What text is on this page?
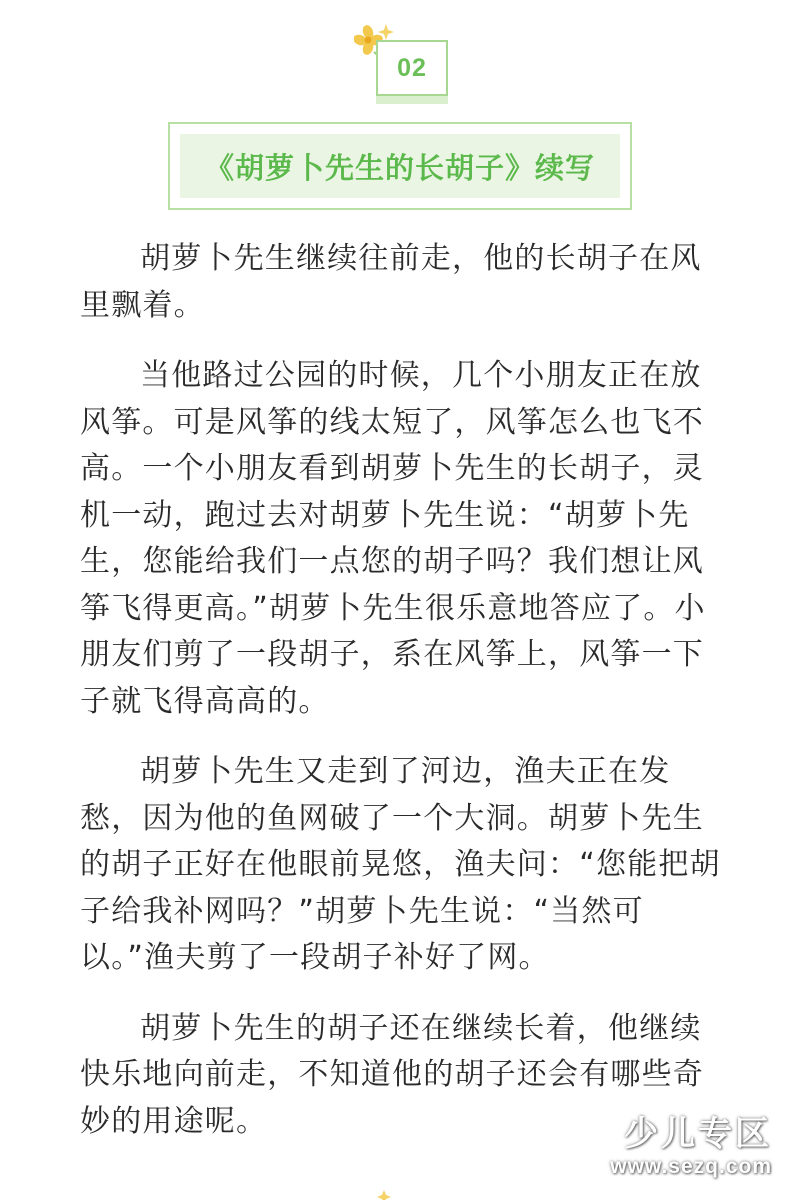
02
《胡萝卜先生的长胡子》续写

胡萝卜先生继续往前走，他的长胡子在风里飘着。

当他路过公园的时候，几个小朋友正在放风筝。可是风筝的线太短了，风筝怎么也飞不高。一个小朋友看到胡萝卜先生的长胡子，灵机一动，跑过去对胡萝卜先生说：“胡萝卜先生，您能给我们一点您的胡子吗？我们想让风筝飞得更高。”胡萝卜先生很乐意地答应了。小朋友们剪了一段胡子，系在风筝上，风筝一下子就飞得高高的。

胡萝卜先生又走到了河边，渔夫正在发愁，因为他的鱼网破了一个大洞。胡萝卜先生的胡子正好在他眼前晃悠，渔夫问：“您能把胡子给我补网吗？”胡萝卜先生说：“当然可以。”渔夫剪了一段胡子补好了网。

胡萝卜先生的胡子还在继续长着，他继续快乐地向前走，不知道他的胡子还会有哪些奇妙的用途呢。	少儿专区
www.sezq.com
